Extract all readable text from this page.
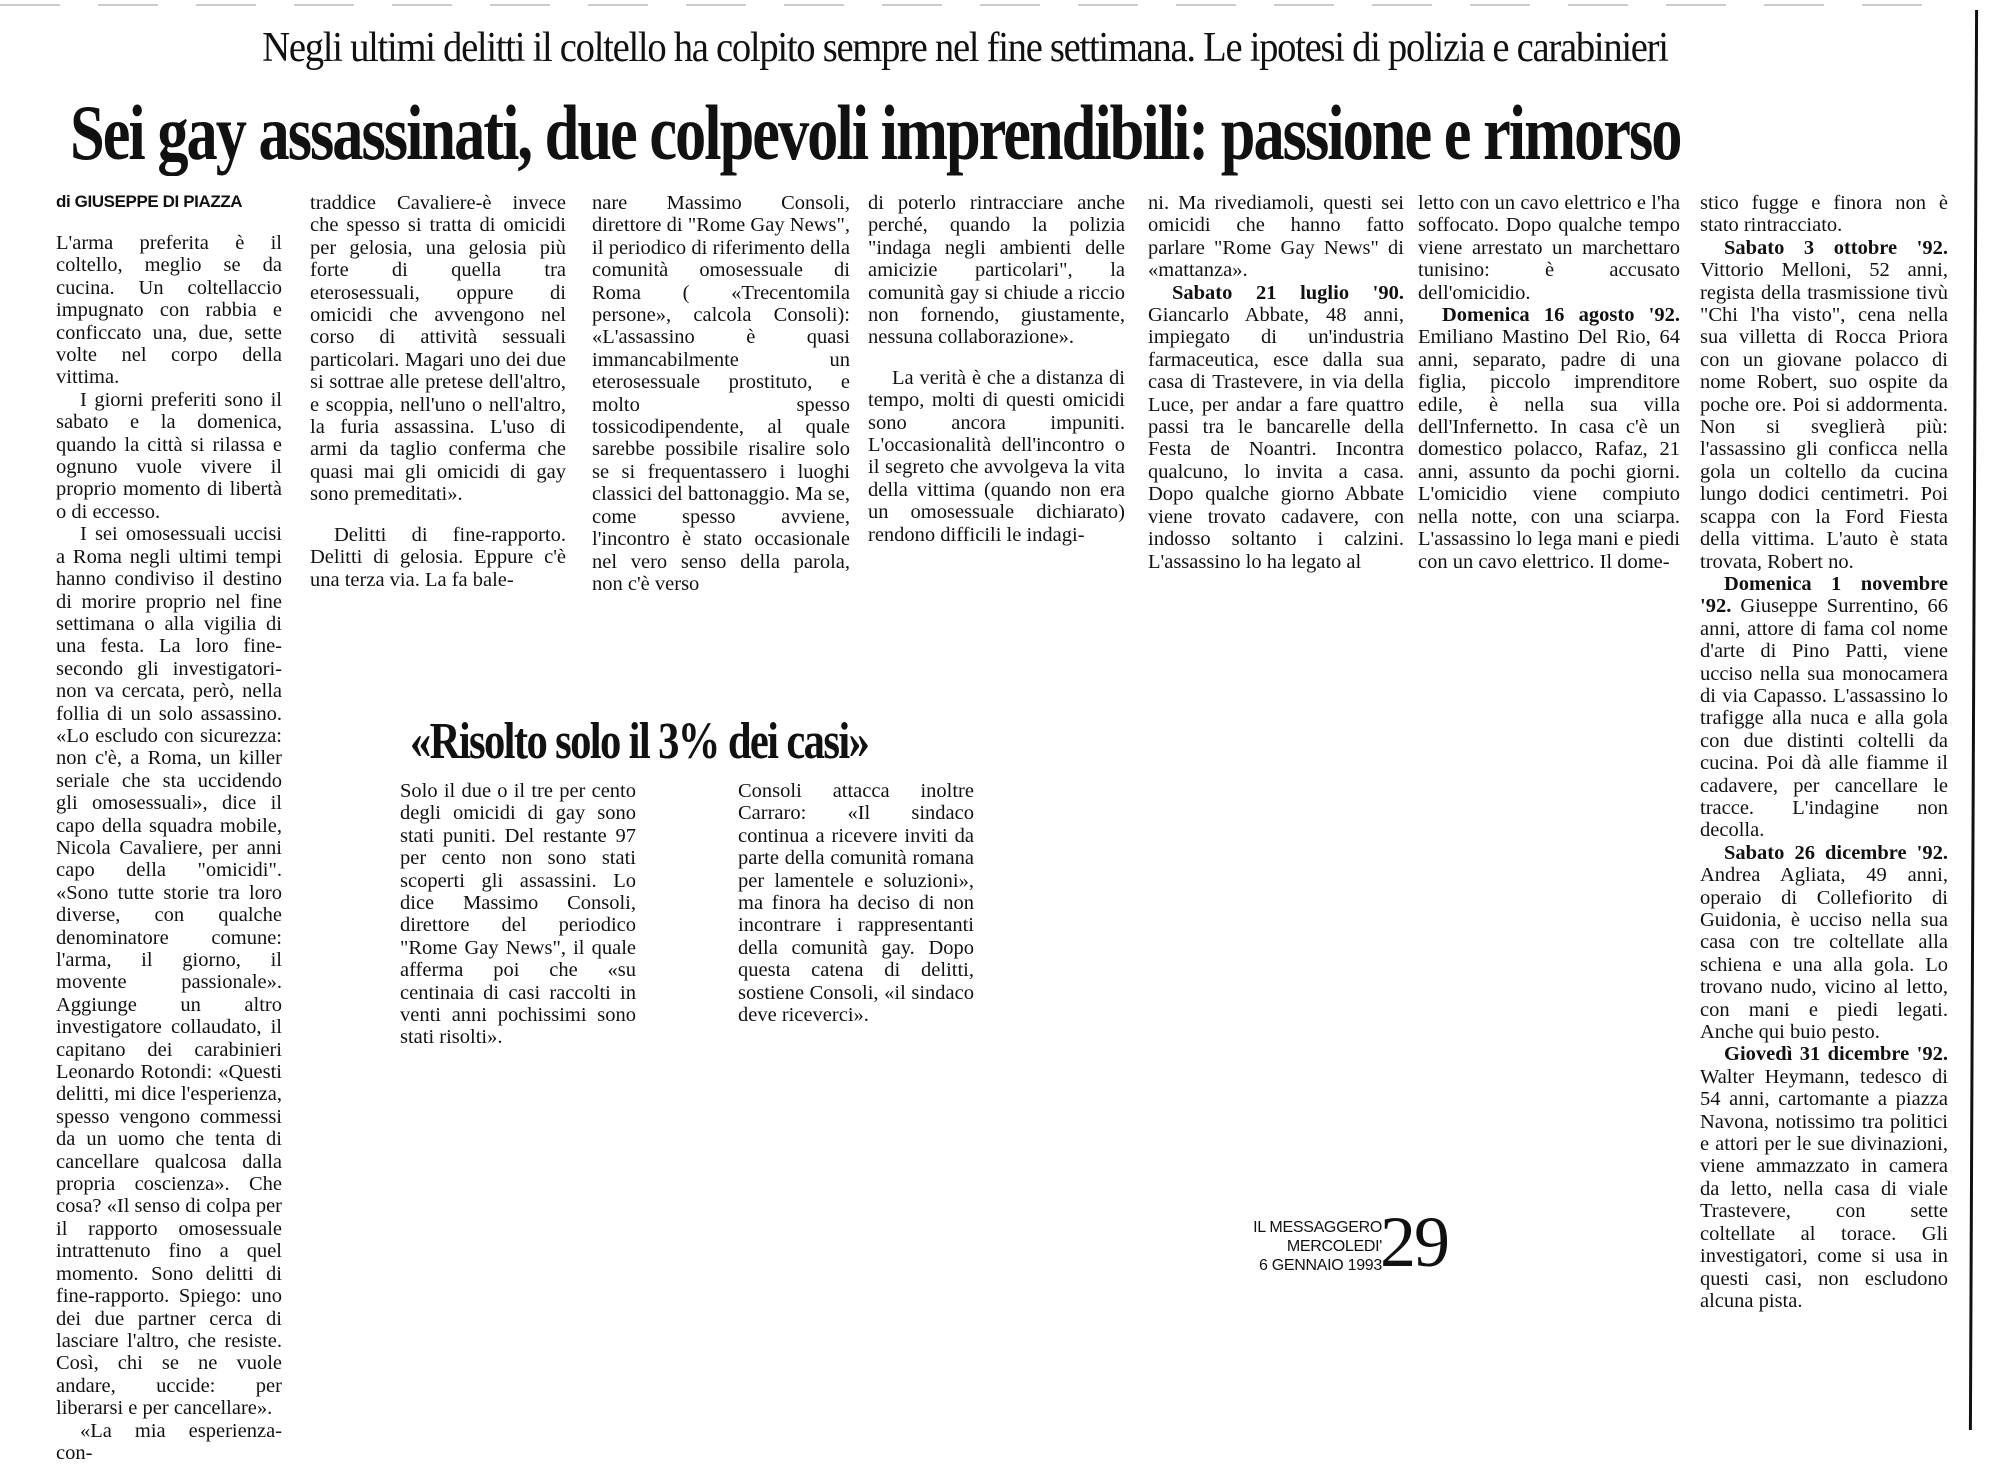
Negli ultimi delitti il coltello ha colpito sempre nel fine settimana. Le ipotesi di polizia e carabinieri
Sei gay assassinati, due colpevoli imprendibili: passione e rimorso
di GIUSEPPE DI PIAZZA

L'arma preferita è il coltello, meglio se da cucina. Un coltellaccio impugnato con rabbia e conficcato una, due, sette volte nel corpo della vittima.

I giorni preferiti sono il sabato e la domenica, quando la città si rilassa e ognuno vuole vivere il proprio momento di libertà o di eccesso.

I sei omosessuali uccisi a Roma negli ultimi tempi hanno condiviso il destino di morire proprio nel fine settimana o alla vigilia di una festa. La loro fine-secondo gli investigatori-non va cercata, però, nella follia di un solo assassino. «Lo escludo con sicurezza: non c'è, a Roma, un killer seriale che sta uccidendo gli omosessuali», dice il capo della squadra mobile, Nicola Cavaliere, per anni capo della "omicidi". «Sono tutte storie tra loro diverse, con qualche denominatore comune: l'arma, il giorno, il movente passionale». Aggiunge un altro investigatore collaudato, il capitano dei carabinieri Leonardo Rotondi: «Questi delitti, mi dice l'esperienza, spesso vengono commessi da un uomo che tenta di cancellare qualcosa dalla propria coscienza». Che cosa? «Il senso di colpa per il rapporto omosessuale intrattenuto fino a quel momento. Sono delitti di fine-rapporto. Spiego: uno dei due partner cerca di lasciare l'altro, che resiste. Così, chi se ne vuole andare, uccide: per liberarsi e per cancellare».

«La mia esperienza-con-

traddice Cavaliere-è invece che spesso si tratta di omicidi per gelosia, una gelosia più forte di quella tra eterosessuali, oppure di omicidi che avvengono nel corso di attività sessuali particolari. Magari uno dei due si sottrae alle pretese dell'altro, e scoppia, nell'uno o nell'altro, la furia assassina. L'uso di armi da taglio conferma che quasi mai gli omicidi di gay sono premeditati».

Delitti di fine-rapporto. Delitti di gelosia. Eppure c'è una terza via. La fa bale-

nare Massimo Consoli, direttore di "Rome Gay News", il periodico di riferimento della comunità omosessuale di Roma ( «Trecentomila persone», calcola Consoli): «L'assassino è quasi immancabilmente un eterosessuale prostituto, e molto spesso tossicodipendente, al quale sarebbe possibile risalire solo se si frequentassero i luoghi classici del battonaggio. Ma se, come spesso avviene, l'incontro è stato occasionale nel vero senso della parola, non c'è verso

di poterlo rintracciare anche perché, quando la polizia "indaga negli ambienti delle amicizie particolari", la comunità gay si chiude a riccio non fornendo, giustamente, nessuna collaborazione».

La verità è che a distanza di tempo, molti di questi omicidi sono ancora impuniti. L'occasionalità dell'incontro o il segreto che avvolgeva la vita della vittima (quando non era un omosessuale dichiarato) rendono difficili le indagi-

ni. Ma rivediamoli, questi sei omicidi che hanno fatto parlare "Rome Gay News" di «mattanza».

Sabato 21 luglio '90. Giancarlo Abbate, 48 anni, impiegato di un'industria farmaceutica, esce dalla sua casa di Trastevere, in via della Luce, per andar a fare quattro passi tra le bancarelle della Festa de Noantri. Incontra qualcuno, lo invita a casa. Dopo qualche giorno Abbate viene trovato cadavere, con indosso soltanto i calzini. L'assassino lo ha legato al

letto con un cavo elettrico e l'ha soffocato. Dopo qualche tempo viene arrestato un marchettaro tunisino: è accusato dell'omicidio.

Domenica 16 agosto '92. Emiliano Mastino Del Rio, 64 anni, separato, padre di una figlia, piccolo imprenditore edile, è nella sua villa dell'Infernetto. In casa c'è un domestico polacco, Rafaz, 21 anni, assunto da pochi giorni. L'omicidio viene compiuto nella notte, con una sciarpa. L'assassino lo lega mani e piedi con un cavo elettrico. Il dome-

stico fugge e finora non è stato rintracciato.

Sabato 3 ottobre '92. Vittorio Melloni, 52 anni, regista della trasmissione tivù "Chi l'ha visto", cena nella sua villetta di Rocca Priora con un giovane polacco di nome Robert, suo ospite da poche ore. Poi si addormenta. Non si sveglierà più: l'assassino gli conficca nella gola un coltello da cucina lungo dodici centimetri. Poi scappa con la Ford Fiesta della vittima. L'auto è stata trovata, Robert no.

Domenica 1 novembre '92. Giuseppe Surrentino, 66 anni, attore di fama col nome d'arte di Pino Patti, viene ucciso nella sua monocamera di via Capasso. L'assassino lo trafigge alla nuca e alla gola con due distinti coltelli da cucina. Poi dà alle fiamme il cadavere, per cancellare le tracce. L'indagine non decolla.

Sabato 26 dicembre '92. Andrea Agliata, 49 anni, operaio di Collefiorito di Guidonia, è ucciso nella sua casa con tre coltellate alla schiena e una alla gola. Lo trovano nudo, vicino al letto, con mani e piedi legati. Anche qui buio pesto.

Giovedì 31 dicembre '92. Walter Heymann, tedesco di 54 anni, cartomante a piazza Navona, notissimo tra politici e attori per le sue divinazioni, viene ammazzato in camera da letto, nella casa di viale Trastevere, con sette coltellate al torace. Gli investigatori, come si usa in questi casi, non escludono alcuna pista.

«Risolto solo il 3% dei casi»

Solo il due o il tre per cento degli omicidi di gay sono stati puniti. Del restante 97 per cento non sono stati scoperti gli assassini. Lo dice Massimo Consoli, direttore del periodico "Rome Gay News", il quale afferma poi che «su centinaia di casi raccolti in venti anni pochissimi sono stati risolti».

Consoli attacca inoltre Carraro: «Il sindaco continua a ricevere inviti da parte della comunità romana per lamentele e soluzioni», ma finora ha deciso di non incontrare i rappresentanti della comunità gay. Dopo questa catena di delitti, sostiene Consoli, «il sindaco deve riceverci».

IL MESSAGGERO
MERCOLEDI'
6 GENNAIO 1993
29
